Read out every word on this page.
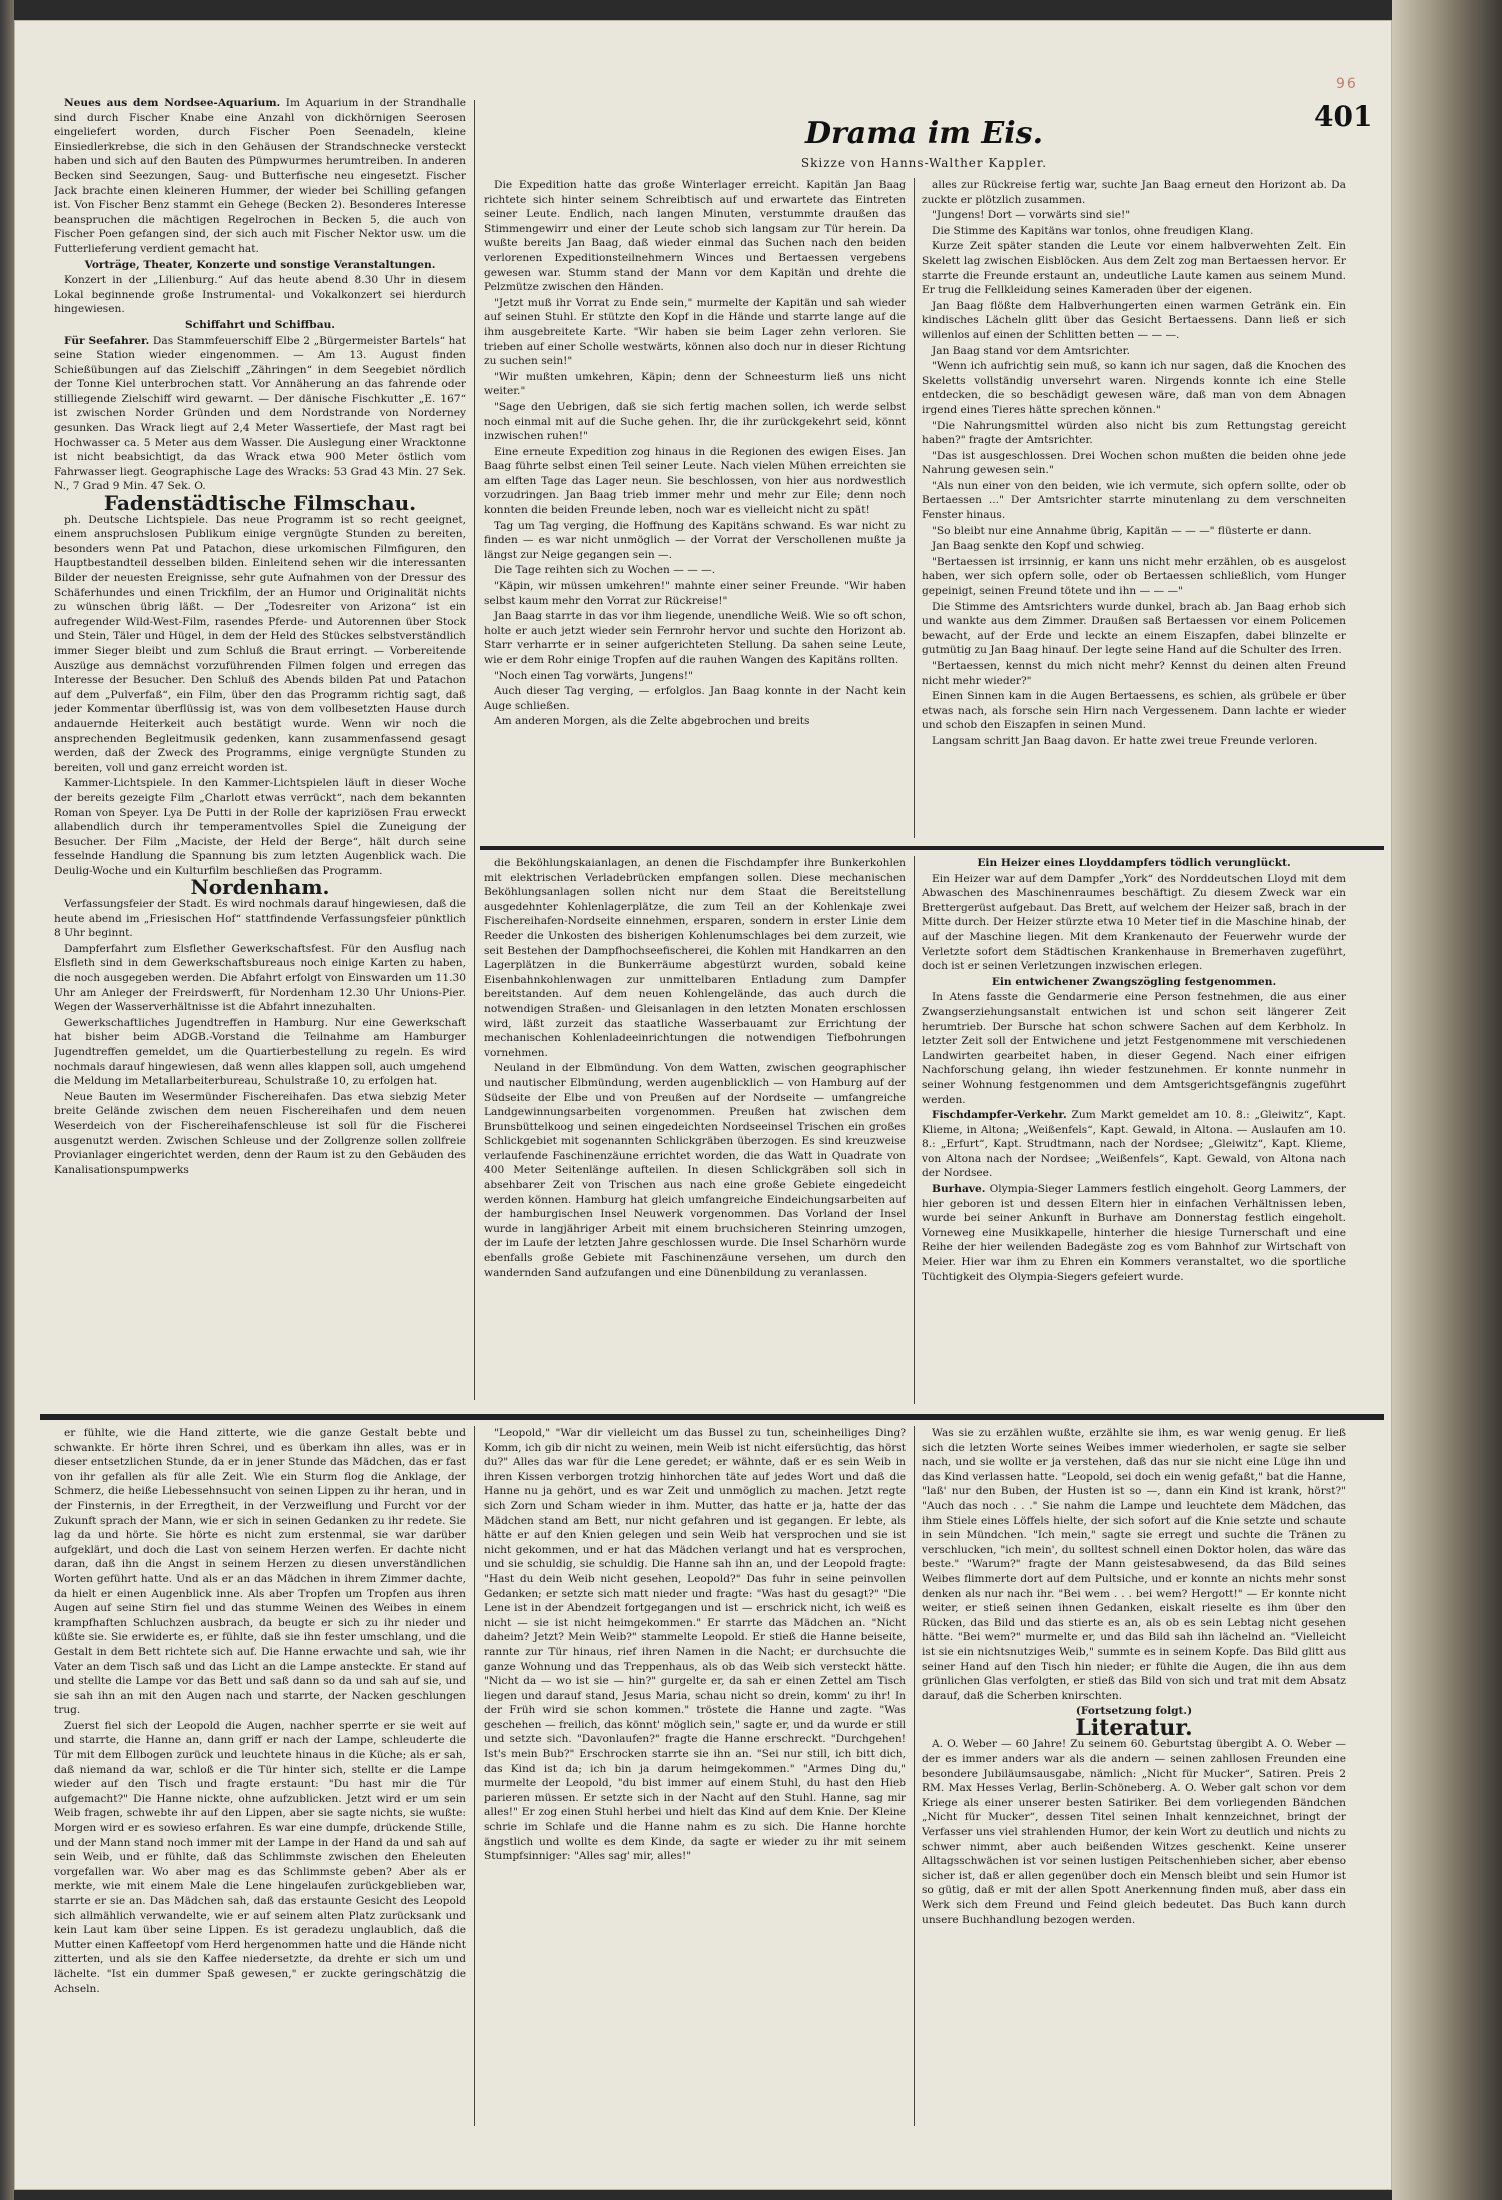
96
401

Neues aus dem Nordsee-Aquarium. Im Aquarium in der Strandhalle sind durch Fischer Knabe eine Anzahl von dickhörnigen Seerosen eingeliefert worden, durch Fischer Poen Seenadeln, kleine Einsiedlerkrebse, die sich in den Gehäusen der Strandschnecke versteckt haben und sich auf den Bauten des Pümpwurmes herumtreiben. In anderen Becken sind Seezungen, Saug- und Butterfische neu eingesetzt. Fischer Jack brachte einen kleineren Hummer, der wieder bei Schilling gefangen ist. Von Fischer Benz stammt ein Gehege (Becken 2). Besonderes Interesse beanspruchen die mächtigen Regelrochen in Becken 5, die auch von Fischer Poen gefangen sind, der sich auch mit Fischer Nektor usw. um die Futterlieferung verdient gemacht hat.

Vorträge, Theater, Konzerte und sonstige Veranstaltungen.

Konzert in der „Lilienburg.“ Auf das heute abend 8.30 Uhr in diesem Lokal beginnende große Instrumental- und Vokalkonzert sei hierdurch hingewiesen.

Schiffahrt und Schiffbau.

Für Seefahrer. Das Stammfeuerschiff Elbe 2 „Bürgermeister Bartels“ hat seine Station wieder eingenommen. — Am 13. August finden Schießübungen auf das Zielschiff „Zähringen“ in dem Seegebiet nördlich der Tonne Kiel unterbrochen statt. Vor Annäherung an das fahrende oder stilliegende Zielschiff wird gewarnt. — Der dänische Fischkutter „E. 167“ ist zwischen Norder Gründen und dem Nordstrande von Norderney gesunken. Das Wrack liegt auf 2,4 Meter Wassertiefe, der Mast ragt bei Hochwasser ca. 5 Meter aus dem Wasser. Die Auslegung einer Wracktonne ist nicht beabsichtigt, da das Wrack etwa 900 Meter östlich vom Fahrwasser liegt. Geographische Lage des Wracks: 53 Grad 43 Min. 27 Sek. N., 7 Grad 9 Min. 47 Sek. O.

Fadenstädtische Filmschau.

ph. Deutsche Lichtspiele. Das neue Programm ist so recht geeignet, einem anspruchslosen Publikum einige vergnügte Stunden zu bereiten, besonders wenn Pat und Patachon, diese urkomischen Filmfiguren, den Hauptbestandteil desselben bilden. Einleitend sehen wir die interessanten Bilder der neuesten Ereignisse, sehr gute Aufnahmen von der Dressur des Schäferhundes und einen Trickfilm, der an Humor und Originalität nichts zu wünschen übrig läßt. — Der „Todesreiter von Arizona“ ist ein aufregender Wild-West-Film, rasendes Pferde- und Autorennen über Stock und Stein, Täler und Hügel, in dem der Held des Stückes selbstverständlich immer Sieger bleibt und zum Schluß die Braut erringt. — Vorbereitende Auszüge aus demnächst vorzuführenden Filmen folgen und erregen das Interesse der Besucher. Den Schluß des Abends bilden Pat und Patachon auf dem „Pulverfaß“, ein Film, über den das Programm richtig sagt, daß jeder Kommentar überflüssig ist, was von dem vollbesetzten Hause durch andauernde Heiterkeit auch bestätigt wurde. Wenn wir noch die ansprechenden Begleitmusik gedenken, kann zusammenfassend gesagt werden, daß der Zweck des Programms, einige vergnügte Stunden zu bereiten, voll und ganz erreicht worden ist.

Kammer-Lichtspiele. In den Kammer-Lichtspielen läuft in dieser Woche der bereits gezeigte Film „Charlott etwas verrückt“, nach dem bekannten Roman von Speyer. Lya De Putti in der Rolle der kapriziösen Frau erweckt allabendlich durch ihr temperamentvolles Spiel die Zuneigung der Besucher. Der Film „Maciste, der Held der Berge“, hält durch seine fesselnde Handlung die Spannung bis zum letzten Augenblick wach. Die Deulig-Woche und ein Kulturfilm beschließen das Programm.

Nordenham.

Verfassungsfeier der Stadt. Es wird nochmals darauf hingewiesen, daß die heute abend im „Friesischen Hof“ stattfindende Verfassungsfeier pünktlich 8 Uhr beginnt.

Dampferfahrt zum Elsflether Gewerkschaftsfest. Für den Ausflug nach Elsfleth sind in dem Gewerkschaftsbureaus noch einige Karten zu haben, die noch ausgegeben werden. Die Abfahrt erfolgt von Einswarden um 11.30 Uhr am Anleger der Freirdswerft, für Nordenham 12.30 Uhr Unions-Pier. Wegen der Wasserverhältnisse ist die Abfahrt innezuhalten.

Gewerkschaftliches Jugendtreffen in Hamburg. Nur eine Gewerkschaft hat bisher beim ADGB.-Vorstand die Teilnahme am Hamburger Jugendtreffen gemeldet, um die Quartierbestellung zu regeln. Es wird nochmals darauf hingewiesen, daß wenn alles klappen soll, auch umgehend die Meldung im Metallarbeiterbureau, Schulstraße 10, zu erfolgen hat.

Neue Bauten im Wesermünder Fischereihafen. Das etwa siebzig Meter breite Gelände zwischen dem neuen Fischereihafen und dem neuen Weserdeich von der Fischereihafenschleuse ist soll für die Fischerei ausgenutzt werden. Zwischen Schleuse und der Zollgrenze sollen zollfreie Provianlager eingerichtet werden, denn der Raum ist zu den Gebäuden des Kanalisationspumpwerks

Drama im Eis.
Skizze von Hanns-Walther Kappler.

Die Expedition hatte das große Winterlager erreicht. Kapitän Jan Baag richtete sich hinter seinem Schreibtisch auf und erwartete das Eintreten seiner Leute. Endlich, nach langen Minuten, verstummte draußen das Stimmengewirr und einer der Leute schob sich langsam zur Tür herein. Da wußte bereits Jan Baag, daß wieder einmal das Suchen nach den beiden verlorenen Expeditionsteilnehmern Winces und Bertaessen vergebens gewesen war. Stumm stand der Mann vor dem Kapitän und drehte die Pelzmütze zwischen den Händen.

"Jetzt muß ihr Vorrat zu Ende sein," murmelte der Kapitän und sah wieder auf seinen Stuhl. Er stützte den Kopf in die Hände und starrte lange auf die ihm ausgebreitete Karte. "Wir haben sie beim Lager zehn verloren. Sie trieben auf einer Scholle westwärts, können also doch nur in dieser Richtung zu suchen sein!"

"Wir mußten umkehren, Käpin; denn der Schneesturm ließ uns nicht weiter."

"Sage den Uebrigen, daß sie sich fertig machen sollen, ich werde selbst noch einmal mit auf die Suche gehen. Ihr, die ihr zurückgekehrt seid, könnt inzwischen ruhen!"

Eine erneute Expedition zog hinaus in die Regionen des ewigen Eises. Jan Baag führte selbst einen Teil seiner Leute. Nach vielen Mühen erreichten sie am elften Tage das Lager neun. Sie beschlossen, von hier aus nordwestlich vorzudringen. Jan Baag trieb immer mehr und mehr zur Eile; denn noch konnten die beiden Freunde leben, noch war es vielleicht nicht zu spät!

Tag um Tag verging, die Hoffnung des Kapitäns schwand. Es war nicht zu finden — es war nicht unmöglich — der Vorrat der Verschollenen mußte ja längst zur Neige gegangen sein —.

Die Tage reihten sich zu Wochen — — —.

"Käpin, wir müssen umkehren!" mahnte einer seiner Freunde. "Wir haben selbst kaum mehr den Vorrat zur Rückreise!"

Jan Baag starrte in das vor ihm liegende, unendliche Weiß. Wie so oft schon, holte er auch jetzt wieder sein Fernrohr hervor und suchte den Horizont ab. Starr verharrte er in seiner aufgerichteten Stellung. Da sahen seine Leute, wie er dem Rohr einige Tropfen auf die rauhen Wangen des Kapitäns rollten.

"Noch einen Tag vorwärts, Jungens!"

Auch dieser Tag verging, — erfolglos. Jan Baag konnte in der Nacht kein Auge schließen.

Am anderen Morgen, als die Zelte abgebrochen und breits

alles zur Rückreise fertig war, suchte Jan Baag erneut den Horizont ab. Da zuckte er plötzlich zusammen.

"Jungens! Dort — vorwärts sind sie!"

Die Stimme des Kapitäns war tonlos, ohne freudigen Klang.

Kurze Zeit später standen die Leute vor einem halbverwehten Zelt. Ein Skelett lag zwischen Eisblöcken. Aus dem Zelt zog man Bertaessen hervor. Er starrte die Freunde erstaunt an, undeutliche Laute kamen aus seinem Mund. Er trug die Fellkleidung seines Kameraden über der eigenen.

Jan Baag flößte dem Halbverhungerten einen warmen Getränk ein. Ein kindisches Lächeln glitt über das Gesicht Bertaessens. Dann ließ er sich willenlos auf einen der Schlitten betten — — —.

Jan Baag stand vor dem Amtsrichter.

"Wenn ich aufrichtig sein muß, so kann ich nur sagen, daß die Knochen des Skeletts vollständig unversehrt waren. Nirgends konnte ich eine Stelle entdecken, die so beschädigt gewesen wäre, daß man von dem Abnagen irgend eines Tieres hätte sprechen können."

"Die Nahrungsmittel würden also nicht bis zum Rettungstag gereicht haben?" fragte der Amtsrichter.

"Das ist ausgeschlossen. Drei Wochen schon mußten die beiden ohne jede Nahrung gewesen sein."

"Als nun einer von den beiden, wie ich vermute, sich opfern sollte, oder ob Bertaessen ..." Der Amtsrichter starrte minutenlang zu dem verschneiten Fenster hinaus.

"So bleibt nur eine Annahme übrig, Kapitän — — —" flüsterte er dann.

Jan Baag senkte den Kopf und schwieg.

"Bertaessen ist irrsinnig, er kann uns nicht mehr erzählen, ob es ausgelost haben, wer sich opfern solle, oder ob Bertaessen schließlich, vom Hunger gepeinigt, seinen Freund tötete und ihn — — —"

Die Stimme des Amtsrichters wurde dunkel, brach ab. Jan Baag erhob sich und wankte aus dem Zimmer. Draußen saß Bertaessen vor einem Policemen bewacht, auf der Erde und leckte an einem Eiszapfen, dabei blinzelte er gutmütig zu Jan Baag hinauf. Der legte seine Hand auf die Schulter des Irren.

"Bertaessen, kennst du mich nicht mehr? Kennst du deinen alten Freund nicht mehr wieder?"

Einen Sinnen kam in die Augen Bertaessens, es schien, als grübele er über etwas nach, als forsche sein Hirn nach Vergessenem. Dann lachte er wieder und schob den Eiszapfen in seinen Mund.

Langsam schritt Jan Baag davon. Er hatte zwei treue Freunde verloren.

die Beköhlungskaianlagen, an denen die Fischdampfer ihre Bunkerkohlen mit elektrischen Verladebrücken empfangen sollen. Diese mechanischen Beköhlungsanlagen sollen nicht nur dem Staat die Bereitstellung ausgedehnter Kohlenlagerplätze, die zum Teil an der Kohlenkaje zwei Fischereihafen-Nordseite einnehmen, ersparen, sondern in erster Linie dem Reeder die Unkosten des bisherigen Kohlenumschlages bei dem zurzeit, wie seit Bestehen der Dampfhochseefischerei, die Kohlen mit Handkarren an den Lagerplätzen in die Bunkerräume abgestürzt wurden, sobald keine Eisenbahnkohlenwagen zur unmittelbaren Entladung zum Dampfer bereitstanden. Auf dem neuen Kohlengelände, das auch durch die notwendigen Straßen- und Gleisanlagen in den letzten Monaten erschlossen wird, läßt zurzeit das staatliche Wasserbauamt zur Errichtung der mechanischen Kohlenladeeinrichtungen die notwendigen Tiefbohrungen vornehmen.

Neuland in der Elbmündung. Von dem Watten, zwischen geographischer und nautischer Elbmündung, werden augenblicklich — von Hamburg auf der Südseite der Elbe und von Preußen auf der Nordseite — umfangreiche Landgewinnungsarbeiten vorgenommen. Preußen hat zwischen dem Brunsbüttelkoog und seinen eingedeichten Nordseeinsel Trischen ein großes Schlickgebiet mit sogenannten Schlickgräben überzogen. Es sind kreuzweise verlaufende Faschinenzäune errichtet worden, die das Watt in Quadrate von 400 Meter Seitenlänge aufteilen. In diesen Schlickgräben soll sich in absehbarer Zeit von Trischen aus nach eine große Gebiete eingedeicht werden können. Hamburg hat gleich umfangreiche Eindeichungsarbeiten auf der hamburgischen Insel Neuwerk vorgenommen. Das Vorland der Insel wurde in langjähriger Arbeit mit einem bruchsicheren Steinring umzogen, der im Laufe der letzten Jahre geschlossen wurde. Die Insel Scharhörn wurde ebenfalls große Gebiete mit Faschinenzäune versehen, um durch den wandernden Sand aufzufangen und eine Dünenbildung zu veranlassen.

Ein Heizer eines Lloyddampfers tödlich verunglückt.

Ein Heizer war auf dem Dampfer „York“ des Norddeutschen Lloyd mit dem Abwaschen des Maschinenraumes beschäftigt. Zu diesem Zweck war ein Brettergerüst aufgebaut. Das Brett, auf welchem der Heizer saß, brach in der Mitte durch. Der Heizer stürzte etwa 10 Meter tief in die Maschine hinab, der auf der Maschine liegen. Mit dem Krankenauto der Feuerwehr wurde der Verletzte sofort dem Städtischen Krankenhause in Bremerhaven zugeführt, doch ist er seinen Verletzungen inzwischen erlegen.

Ein entwichener Zwangszögling festgenommen.

In Atens fasste die Gendarmerie eine Person festnehmen, die aus einer Zwangserziehungsanstalt entwichen ist und schon seit längerer Zeit herumtrieb. Der Bursche hat schon schwere Sachen auf dem Kerbholz. In letzter Zeit soll der Entwichene und jetzt Festgenommene mit verschiedenen Landwirten gearbeitet haben, in dieser Gegend. Nach einer eifrigen Nachforschung gelang, ihn wieder festzunehmen. Er konnte nunmehr in seiner Wohnung festgenommen und dem Amtsgerichtsgefängnis zugeführt werden.

Fischdampfer-Verkehr. Zum Markt gemeldet am 10. 8.: „Gleiwitz“, Kapt. Klieme, in Altona; „Weißenfels“, Kapt. Gewald, in Altona. — Auslaufen am 10. 8.: „Erfurt“, Kapt. Strudtmann, nach der Nordsee; „Gleiwitz“, Kapt. Klieme, von Altona nach der Nordsee; „Weißenfels“, Kapt. Gewald, von Altona nach der Nordsee.

Burhave. Olympia-Sieger Lammers festlich eingeholt. Georg Lammers, der hier geboren ist und dessen Eltern hier in einfachen Verhältnissen leben, wurde bei seiner Ankunft in Burhave am Donnerstag festlich eingeholt. Vorneweg eine Musikkapelle, hinterher die hiesige Turnerschaft und eine Reihe der hier weilenden Badegäste zog es vom Bahnhof zur Wirtschaft von Meier. Hier war ihm zu Ehren ein Kommers veranstaltet, wo die sportliche Tüchtigkeit des Olympia-Siegers gefeiert wurde.

er fühlte, wie die Hand zitterte, wie die ganze Gestalt bebte und schwankte. Er hörte ihren Schrei, und es überkam ihn alles, was er in dieser entsetzlichen Stunde, da er in jener Stunde das Mädchen, das er fast von ihr gefallen als für alle Zeit. Wie ein Sturm flog die Anklage, der Schmerz, die heiße Liebessehnsucht von seinen Lippen zu ihr heran, und in der Finsternis, in der Erregtheit, in der Verzweiflung und Furcht vor der Zukunft sprach der Mann, wie er sich in seinen Gedanken zu ihr redete. Sie lag da und hörte. Sie hörte es nicht zum erstenmal, sie war darüber aufgeklärt, und doch die Last von seinem Herzen werfen. Er dachte nicht daran, daß ihn die Angst in seinem Herzen zu diesen unverständlichen Worten geführt hatte. Und als er an das Mädchen in ihrem Zimmer dachte, da hielt er einen Augenblick inne. Als aber Tropfen um Tropfen aus ihren Augen auf seine Stirn fiel und das stumme Weinen des Weibes in einem krampfhaften Schluchzen ausbrach, da beugte er sich zu ihr nieder und küßte sie. Sie erwiderte es, er fühlte, daß sie ihn fester umschlang, und die Gestalt in dem Bett richtete sich auf. Die Hanne erwachte und sah, wie ihr Vater an dem Tisch saß und das Licht an die Lampe ansteckte. Er stand auf und stellte die Lampe vor das Bett und saß dann so da und sah auf sie, und sie sah ihn an mit den Augen nach und starrte, der Nacken geschlungen trug.

Zuerst fiel sich der Leopold die Augen, nachher sperrte er sie weit auf und starrte, die Hanne an, dann griff er nach der Lampe, schleuderte die Tür mit dem Ellbogen zurück und leuchtete hinaus in die Küche; als er sah, daß niemand da war, schloß er die Tür hinter sich, stellte er die Lampe wieder auf den Tisch und fragte erstaunt: "Du hast mir die Tür aufgemacht?" Die Hanne nickte, ohne aufzublicken. Jetzt wird er um sein Weib fragen, schwebte ihr auf den Lippen, aber sie sagte nichts, sie wußte: Morgen wird er es sowieso erfahren. Es war eine dumpfe, drückende Stille, und der Mann stand noch immer mit der Lampe in der Hand da und sah auf sein Weib, und er fühlte, daß das Schlimmste zwischen den Eheleuten vorgefallen war. Wo aber mag es das Schlimmste geben? Aber als er merkte, wie mit einem Male die Lene hingelaufen zurückgeblieben war, starrte er sie an. Das Mädchen sah, daß das erstaunte Gesicht des Leopold sich allmählich verwandelte, wie er auf seinem alten Platz zurücksank und kein Laut kam über seine Lippen. Es ist geradezu unglaublich, daß die Mutter einen Kaffeetopf vom Herd hergenommen hatte und die Hände nicht zitterten, und als sie den Kaffee niedersetzte, da drehte er sich um und lächelte. "Ist ein dummer Spaß gewesen," er zuckte geringschätzig die Achseln.

"Leopold," "War dir vielleicht um das Bussel zu tun, scheinheiliges Ding? Komm, ich gib dir nicht zu weinen, mein Weib ist nicht eifersüchtig, das hörst du?" Alles das war für die Lene geredet; er wähnte, daß er es sein Weib in ihren Kissen verborgen trotzig hinhorchen täte auf jedes Wort und daß die Hanne nu ja gehört, und es war Zeit und unmöglich zu machen. Jetzt regte sich Zorn und Scham wieder in ihm. Mutter, das hatte er ja, hatte der das Mädchen stand am Bett, nur nicht gefahren und ist gegangen. Er lebte, als hätte er auf den Knien gelegen und sein Weib hat versprochen und sie ist nicht gekommen, und er hat das Mädchen verlangt und hat es versprochen, und sie schuldig, sie schuldig. Die Hanne sah ihn an, und der Leopold fragte: "Hast du dein Weib nicht gesehen, Leopold?" Das fuhr in seine peinvollen Gedanken; er setzte sich matt nieder und fragte: "Was hast du gesagt?" "Die Lene ist in der Abendzeit fortgegangen und ist — erschrick nicht, ich weiß es nicht — sie ist nicht heimgekommen." Er starrte das Mädchen an. "Nicht daheim? Jetzt? Mein Weib?" stammelte Leopold. Er stieß die Hanne beiseite, rannte zur Tür hinaus, rief ihren Namen in die Nacht; er durchsuchte die ganze Wohnung und das Treppenhaus, als ob das Weib sich versteckt hätte. "Nicht da — wo ist sie — hin?" gurgelte er, da sah er einen Zettel am Tisch liegen und darauf stand, Jesus Maria, schau nicht so drein, komm' zu ihr! In der Früh wird sie schon kommen." tröstete die Hanne und zagte. "Was geschehen — freilich, das könnt' möglich sein," sagte er, und da wurde er still und setzte sich. "Davonlaufen?" fragte die Hanne erschreckt. "Durchgehen! Ist's mein Bub?" Erschrocken starrte sie ihn an. "Sei nur still, ich bitt dich, das Kind ist da; ich bin ja darum heimgekommen." "Armes Ding du," murmelte der Leopold, "du bist immer auf einem Stuhl, du hast den Hieb parieren müssen. Er setzte sich in der Nacht auf den Stuhl. Hanne, sag mir alles!" Er zog einen Stuhl herbei und hielt das Kind auf dem Knie. Der Kleine schrie im Schlafe und die Hanne nahm es zu sich. Die Hanne horchte ängstlich und wollte es dem Kinde, da sagte er wieder zu ihr mit seinem Stumpfsinniger: "Alles sag' mir, alles!"

Was sie zu erzählen wußte, erzählte sie ihm, es war wenig genug. Er ließ sich die letzten Worte seines Weibes immer wiederholen, er sagte sie selber nach, und sie wollte er ja verstehen, daß das nur sie nicht eine Lüge ihn und das Kind verlassen hatte. "Leopold, sei doch ein wenig gefaßt," bat die Hanne, "laß' nur den Buben, der Husten ist so —, dann ein Kind ist krank, hörst?" "Auch das noch . . ." Sie nahm die Lampe und leuchtete dem Mädchen, das ihm Stiele eines Löffels hielte, der sich sofort auf die Knie setzte und schaute in sein Mündchen. "Ich mein," sagte sie erregt und suchte die Tränen zu verschlucken, "ich mein', du solltest schnell einen Doktor holen, das wäre das beste." "Warum?" fragte der Mann geistesabwesend, da das Bild seines Weibes flimmerte dort auf dem Pultsiche, und er konnte an nichts mehr sonst denken als nur nach ihr. "Bei wem . . . bei wem? Hergott!" — Er konnte nicht weiter, er stieß seinen ihnen Gedanken, eiskalt rieselte es ihm über den Rücken, das Bild und das stierte es an, als ob es sein Lebtag nicht gesehen hätte. "Bei wem?" murmelte er, und das Bild sah ihn lächelnd an. "Vielleicht ist sie ein nichtsnutziges Weib," summte es in seinem Kopfe. Das Bild glitt aus seiner Hand auf den Tisch hin nieder; er fühlte die Augen, die ihn aus dem grünlichen Glas verfolgten, er stieß das Bild von sich und trat mit dem Absatz darauf, daß die Scherben knirschten.

(Fortsetzung folgt.)

Literatur.

A. O. Weber — 60 Jahre! Zu seinem 60. Geburtstag übergibt A. O. Weber — der es immer anders war als die andern — seinen zahllosen Freunden eine besondere Jubiläumsausgabe, nämlich: „Nicht für Mucker“, Satiren. Preis 2 RM. Max Hesses Verlag, Berlin-Schöneberg. A. O. Weber galt schon vor dem Kriege als einer unserer besten Satiriker. Bei dem vorliegenden Bändchen „Nicht für Mucker“, dessen Titel seinen Inhalt kennzeichnet, bringt der Verfasser uns viel strahlenden Humor, der kein Wort zu deutlich und nichts zu schwer nimmt, aber auch beißenden Witzes geschenkt. Keine unserer Alltagsschwächen ist vor seinen lustigen Peitschenhieben sicher, aber ebenso sicher ist, daß er allen gegenüber doch ein Mensch bleibt und sein Humor ist so gütig, daß er mit der allen Spott Anerkennung finden muß, aber dass ein Werk sich dem Freund und Feind gleich bedeutet. Das Buch kann durch unsere Buchhandlung bezogen werden.
